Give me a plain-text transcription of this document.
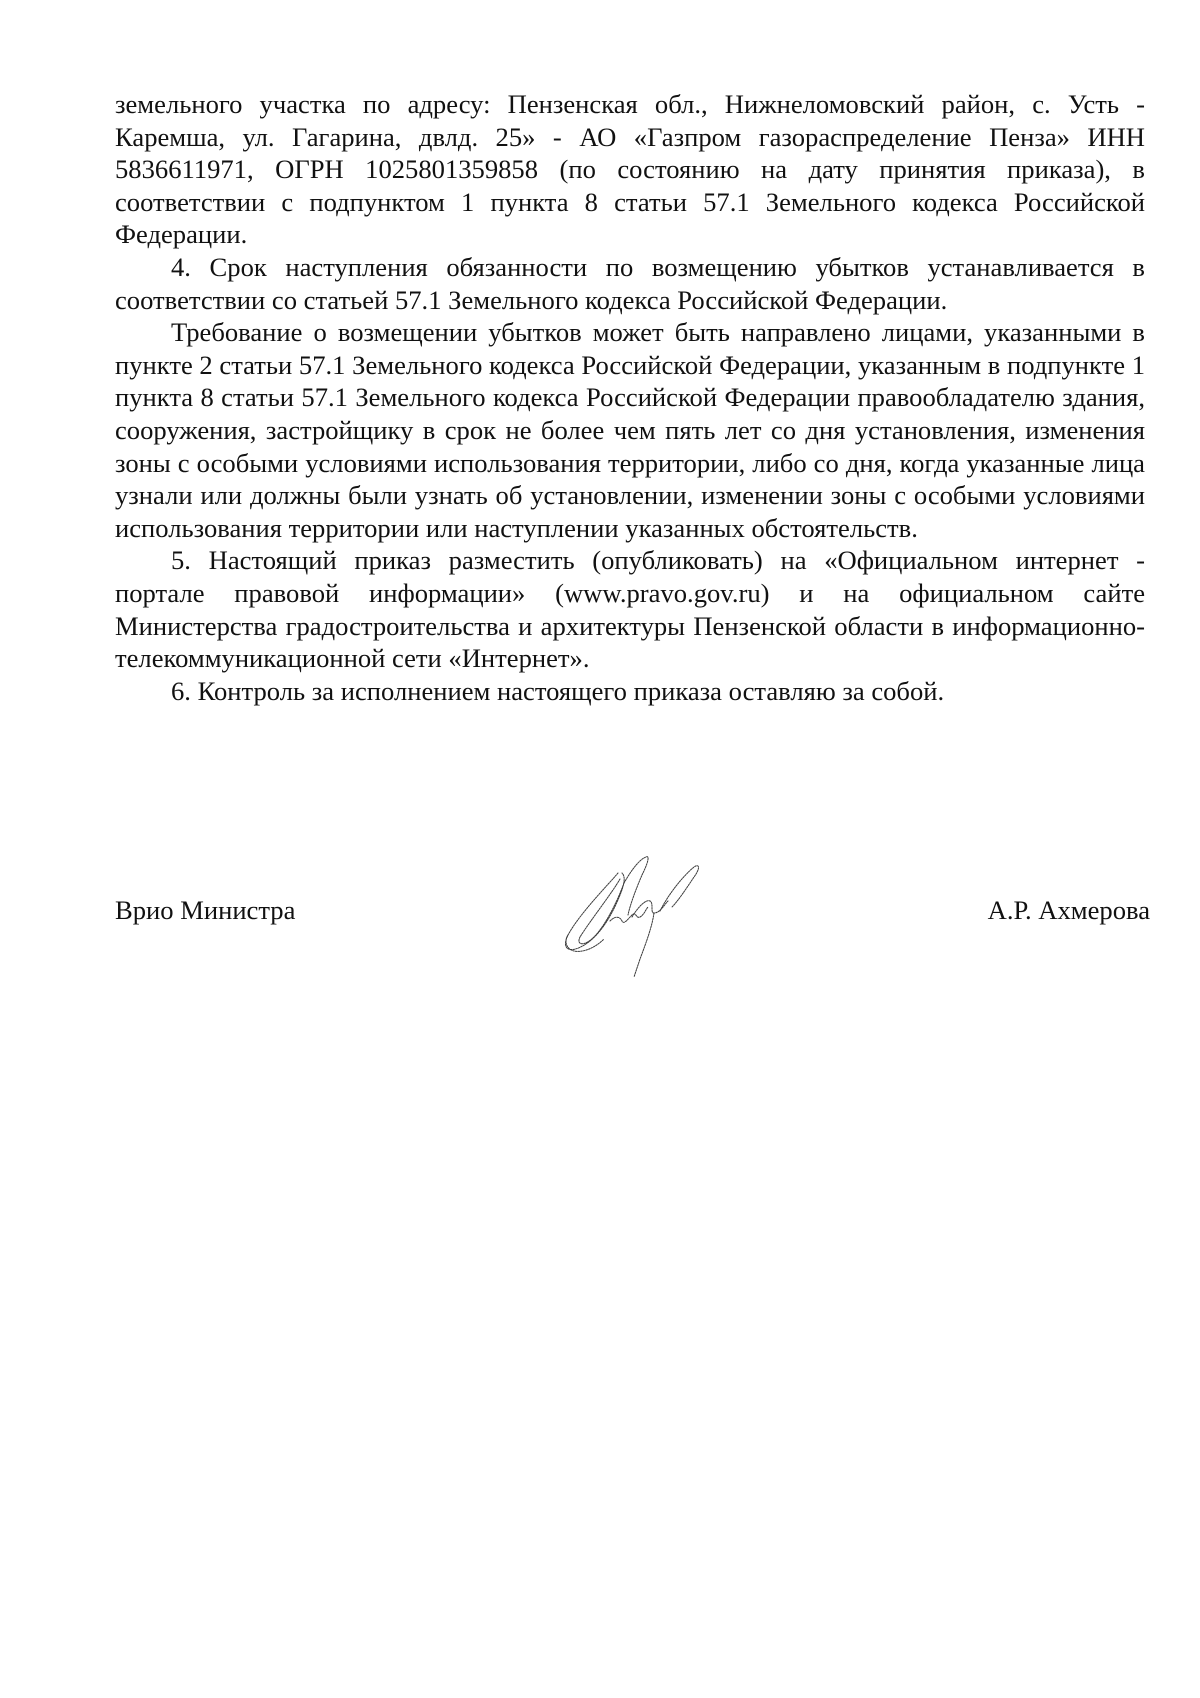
земельного участка по адресу: Пензенская обл., Нижнеломовский район, с. Усть - Каремша, ул. Гагарина, двлд. 25» - АО «Газпром газораспределение Пенза» ИНН 5836611971, ОГРН 1025801359858 (по состоянию на дату принятия приказа), в соответствии с подпунктом 1 пункта 8 статьи 57.1 Земельного кодекса Российской Федерации.

4. Срок наступления обязанности по возмещению убытков устанавливается в соответствии со статьей 57.1 Земельного кодекса Российской Федерации.

Требование о возмещении убытков может быть направлено лицами, указанными в пункте 2 статьи 57.1 Земельного кодекса Российской Федерации, указанным в подпункте 1 пункта 8 статьи 57.1 Земельного кодекса Российской Федерации правообладателю здания, сооружения, застройщику в срок не более чем пять лет со дня установления, изменения зоны с особыми условиями использования территории, либо со дня, когда указанные лица узнали или должны были узнать об установлении, изменении зоны с особыми условиями использования территории или наступлении указанных обстоятельств.

5. Настоящий приказ разместить (опубликовать) на «Официальном интернет - портале правовой информации» (www.pravo.gov.ru) и на официальном сайте Министерства градостроительства и архитектуры Пензенской области в информационно-телекоммуникационной сети «Интернет».

6. Контроль за исполнением настоящего приказа оставляю за собой.

Врио Министра	А.Р. Ахмерова
